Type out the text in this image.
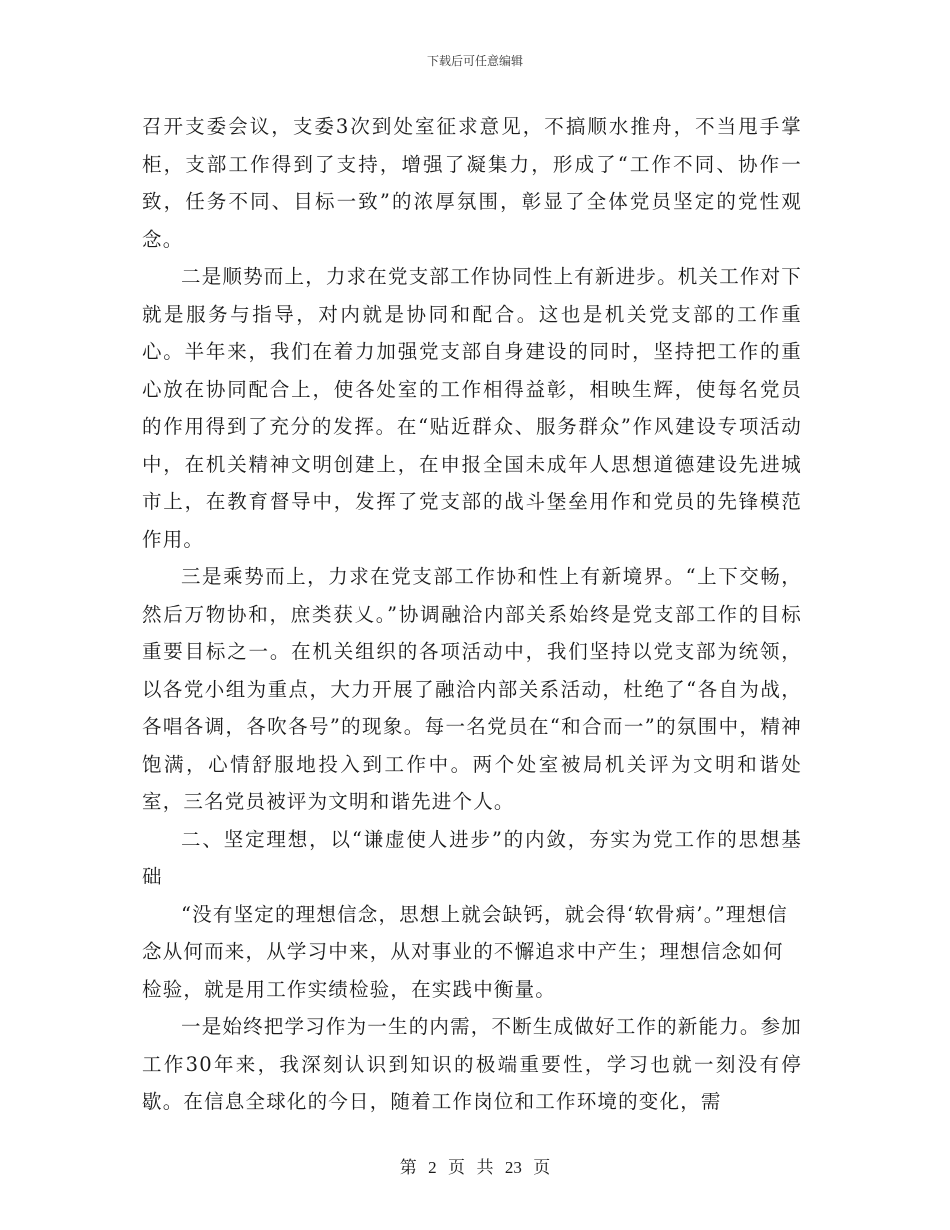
下载后可任意编辑

召开支委会议，支委3次到处室征求意见，不搞顺水推舟，不当甩手掌柜，支部工作得到了支持，增强了凝集力，形成了“工作不同、协作一致，任务不同、目标一致”的浓厚氛围，彰显了全体党员坚定的党性观念。

二是顺势而上，力求在党支部工作协同性上有新进步。机关工作对下就是服务与指导，对内就是协同和配合。这也是机关党支部的工作重心。半年来，我们在着力加强党支部自身建设的同时，坚持把工作的重心放在协同配合上，使各处室的工作相得益彰，相映生辉，使每名党员的作用得到了充分的发挥。在“贴近群众、服务群众”作风建设专项活动中，在机关精神文明创建上，在申报全国未成年人思想道德建设先进城市上，在教育督导中，发挥了党支部的战斗堡垒用作和党员的先锋模范作用。

三是乘势而上，力求在党支部工作协和性上有新境界。“上下交畅，然后万物协和，庶类获乂。”协调融洽内部关系始终是党支部工作的目标重要目标之一。在机关组织的各项活动中，我们坚持以党支部为统领，以各党小组为重点，大力开展了融洽内部关系活动，杜绝了“各自为战，各唱各调，各吹各号”的现象。每一名党员在“和合而一”的氛围中，精神饱满，心情舒服地投入到工作中。两个处室被局机关评为文明和谐处室，三名党员被评为文明和谐先进个人。

二、坚定理想，以“谦虚使人进步”的内敛，夯实为党工作的思想基础

“没有坚定的理想信念，思想上就会缺钙，就会得‘软骨病’。”理想信念从何而来，从学习中来，从对事业的不懈追求中产生；理想信念如何检验，就是用工作实绩检验，在实践中衡量。

一是始终把学习作为一生的内需，不断生成做好工作的新能力。参加工作30年来，我深刻认识到知识的极端重要性，学习也就一刻没有停歇。在信息全球化的今日，随着工作岗位和工作环境的变化，需

第 2 页 共 23 页
